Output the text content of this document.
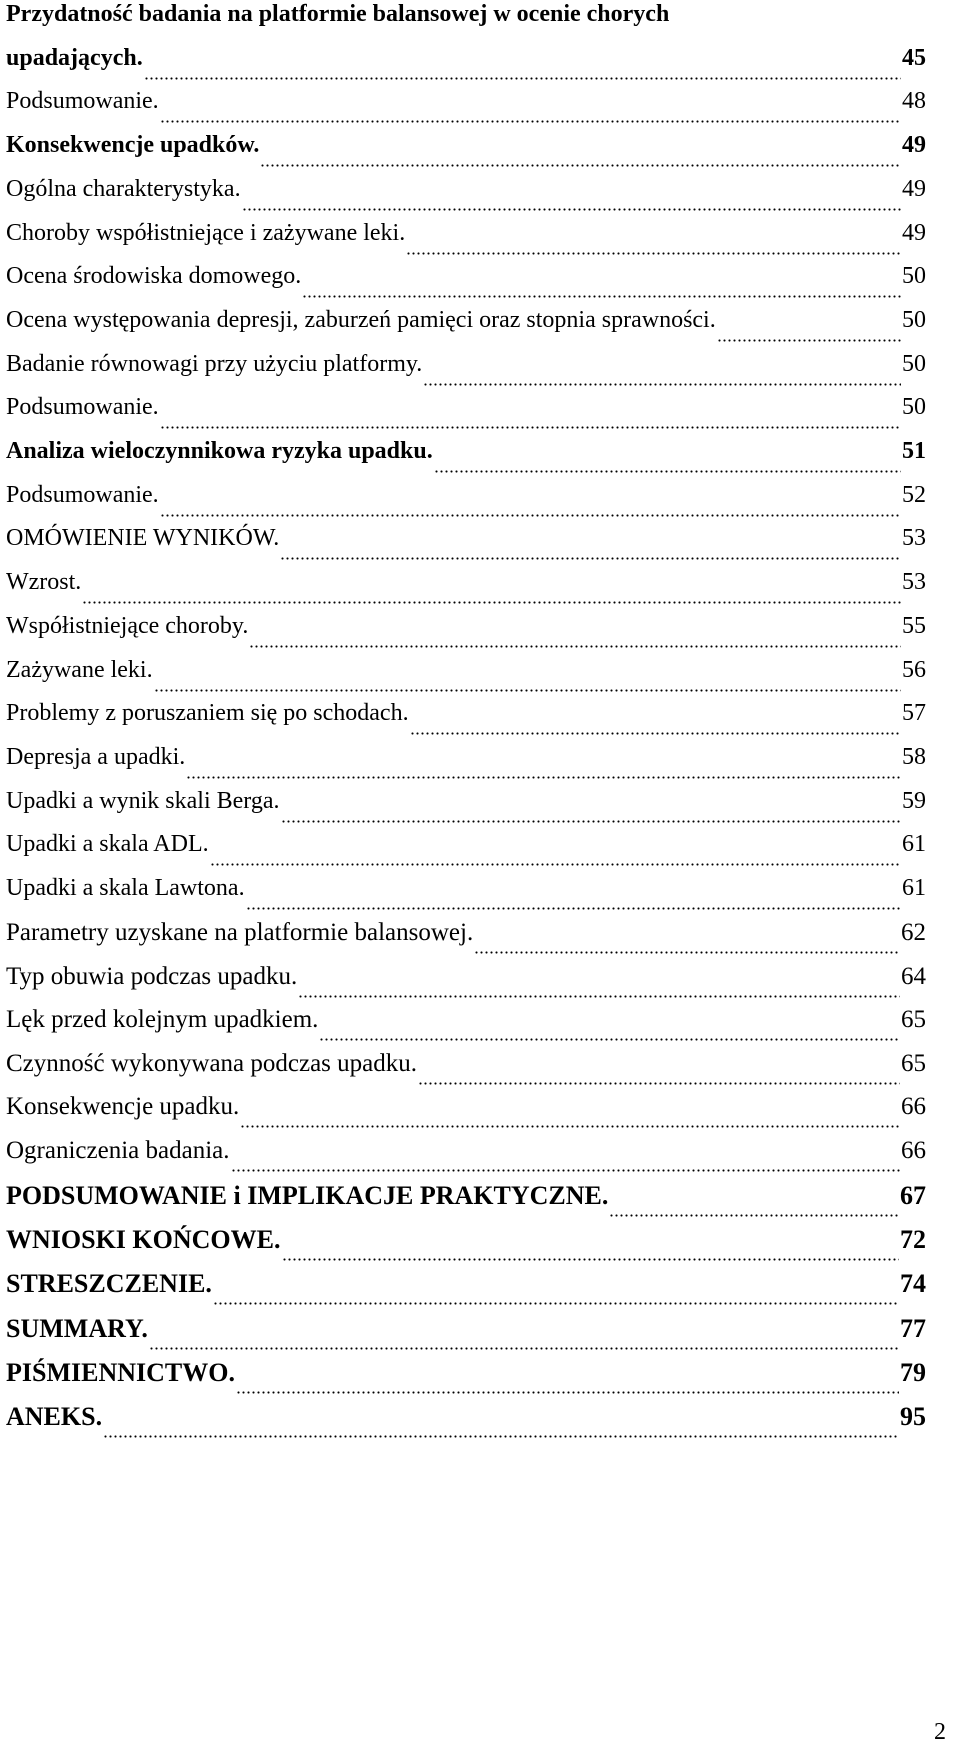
Przydatność badania na platformie balansowej w ocenie chorych
upadających.	45
Podsumowanie.	48
Konsekwencje upadków.	49
Ogólna charakterystyka.	49
Choroby współistniejące i zażywane leki.	49
Ocena środowiska domowego.	50
Ocena występowania depresji, zaburzeń pamięci oraz stopnia sprawności.	50
Badanie równowagi przy użyciu platformy.	50
Podsumowanie.	50
Analiza wieloczynnikowa ryzyka upadku.	51
Podsumowanie.	52
OMÓWIENIE WYNIKÓW.	53
Wzrost.	53
Współistniejące choroby.	55
Zażywane leki.	56
Problemy z poruszaniem się po schodach.	57
Depresja a upadki.	58
Upadki a wynik skali Berga.	59
Upadki a skala ADL.	61
Upadki a skala Lawtona.	61
Parametry uzyskane na platformie balansowej.	62
Typ obuwia podczas upadku.	64
Lęk przed kolejnym upadkiem.	65
Czynność wykonywana podczas upadku.	65
Konsekwencje upadku.	66
Ograniczenia badania.	66
PODSUMOWANIE i IMPLIKACJE PRAKTYCZNE.	67
WNIOSKI KOŃCOWE.	72
STRESZCZENIE.	74
SUMMARY.	77
PIŚMIENNICTWO.	79
ANEKS.	95
2
